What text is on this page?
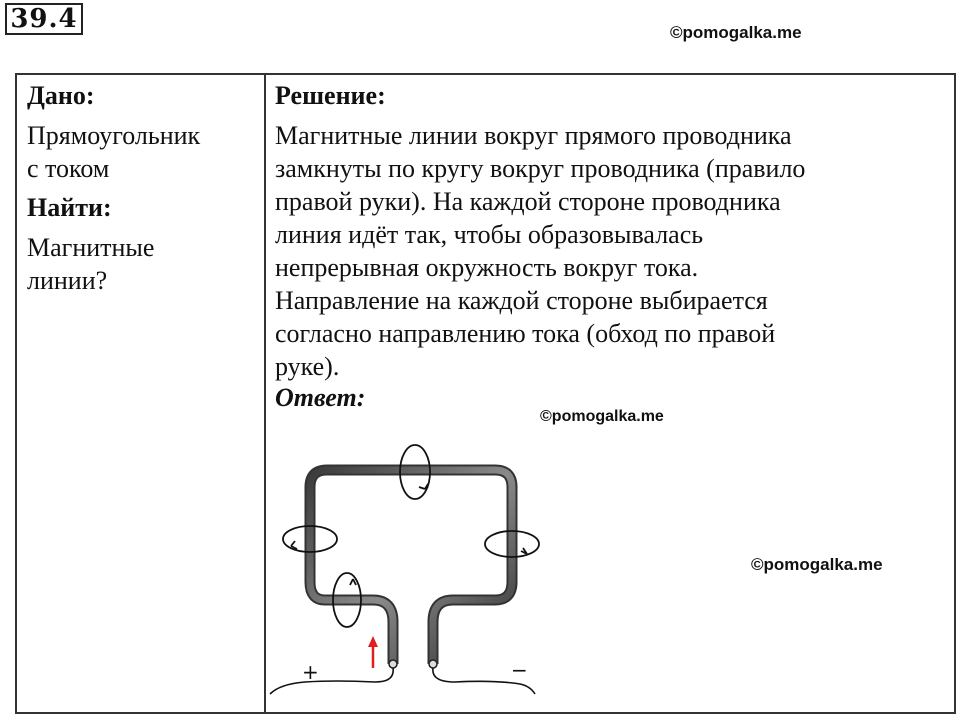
39.4	©pomogalka.me
Дано:
Прямоугольник
с током
Найти:
Магнитные
линии?
Решение:
Магнитные линии вокруг прямого проводника
замкнуты по кругу вокруг проводника (правило
правой руки). На каждой стороне проводника
линия идёт так, чтобы образовывалась
непрерывная окружность вокруг тока.
Направление на каждой стороне выбирается
согласно направлению тока (обход по правой
руке).
Ответ:
©pomogalka.me
©pomogalka.me
+	−
